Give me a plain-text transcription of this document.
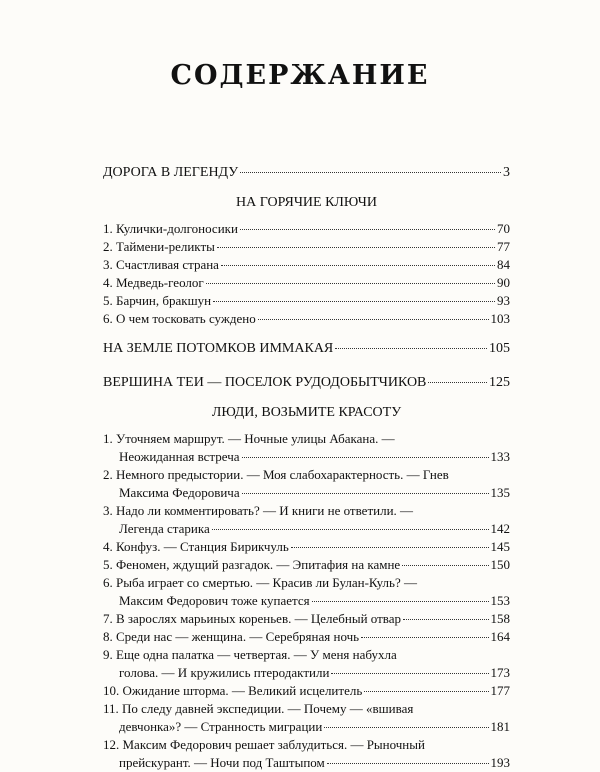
СОДЕРЖАНИЕ
ДОРОГА В ЛЕГЕНДУ	3
НА ГОРЯЧИЕ КЛЮЧИ
1. Кулички-долгоносики	70
2. Таймени-реликты	77
3. Счастливая страна	84
4. Медведь-геолог	90
5. Барчин, бракшун	93
6. О чем тосковать суждено	103
НА ЗЕМЛЕ ПОТОМКОВ ИММАКАЯ	105
ВЕРШИНА ТЕИ — ПОСЕЛОК РУДОДОБЫТЧИКОВ	125
ЛЮДИ, ВОЗЬМИТЕ КРАСОТУ
1. Уточняем маршрут. — Ночные улицы Абакана. —
Неожиданная встреча	133
2. Немного предыстории. — Моя слабохарактерность. — Гнев
Максима Федоровича	135
3. Надо ли комментировать? — И книги не ответили. —
Легенда старика	142
4. Конфуз. — Станция Бирикчуль	145
5. Феномен, ждущий разгадок. — Эпитафия на камне	150
6. Рыба играет со смертью. — Красив ли Булан-Куль? —
Максим Федорович тоже купается	153
7. В зарослях марьиных кореньев. — Целебный отвар	158
8. Среди нас — женщина. — Серебряная ночь	164
9. Еще одна палатка — четвертая. — У меня набухла
голова. — И кружились птеродактили	173
10. Ожидание шторма. — Великий исцелитель	177
11. По следу давней экспедиции. — Почему — «вшивая
девчонка»? — Странность миграции	181
12. Максим Федорович решает заблудиться. — Рыночный
прейскурант. — Ночи под Таштыпом	193
